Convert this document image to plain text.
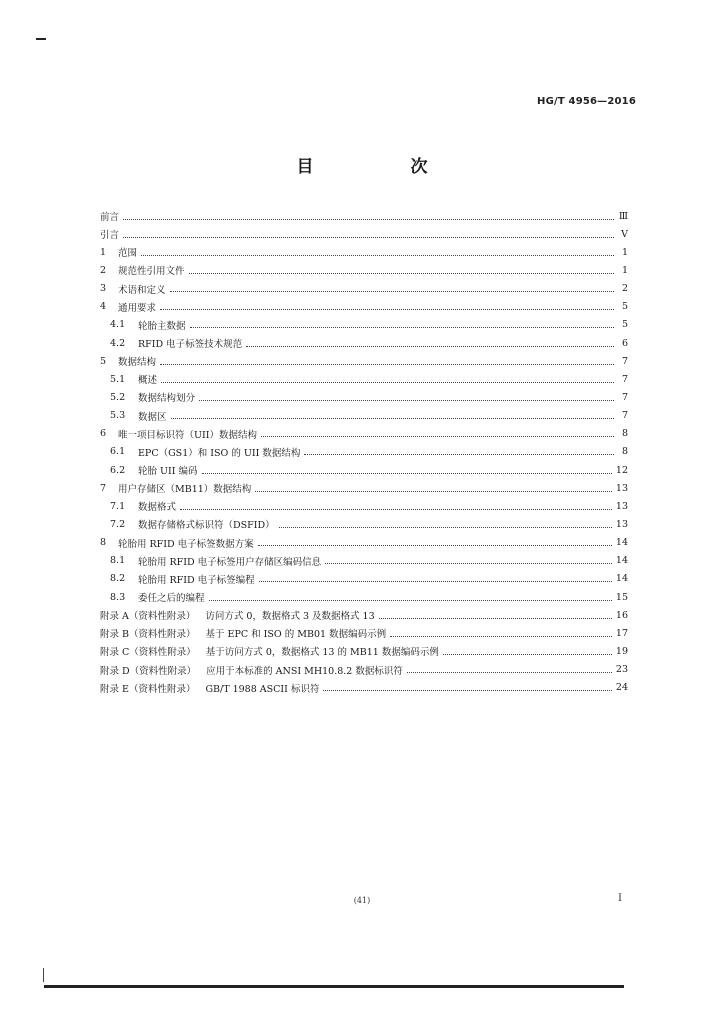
HG/T 4956—2016
目　次
前言	Ⅲ
引言	Ⅴ
1 范围	1
2 规范性引用文件	1
3 术语和定义	2
4 通用要求	5
4.1	轮胎主数据	5
4.2	RFID 电子标签技术规范	6
5 数据结构	7
5.1	概述	7
5.2	数据结构划分	7
5.3	数据区	7
6 唯一项目标识符（UII）数据结构	8
6.1	EPC（GS1）和 ISO 的 UII 数据结构	8
6.2	轮胎 UII 编码	12
7 用户存储区（MB11）数据结构	13
7.1	数据格式	13
7.2	数据存储格式标识符（DSFID）	13
8 轮胎用 RFID 电子标签数据方案	14
8.1	轮胎用 RFID 电子标签用户存储区编码信息	14
8.2	轮胎用 RFID 电子标签编程	14
8.3	委任之后的编程	15
附录 A（资料性附录） 访问方式 0，数据格式 3 及数据格式 13	16
附录 B（资料性附录） 基于 EPC 和 ISO 的 MB01 数据编码示例	17
附录 C（资料性附录） 基于访问方式 0，数据格式 13 的 MB11 数据编码示例	19
附录 D（资料性附录） 应用于本标准的 ANSI MH10.8.2 数据标识符	23
附录 E（资料性附录） GB/T 1988 ASCII 标识符	24
(41)	I
